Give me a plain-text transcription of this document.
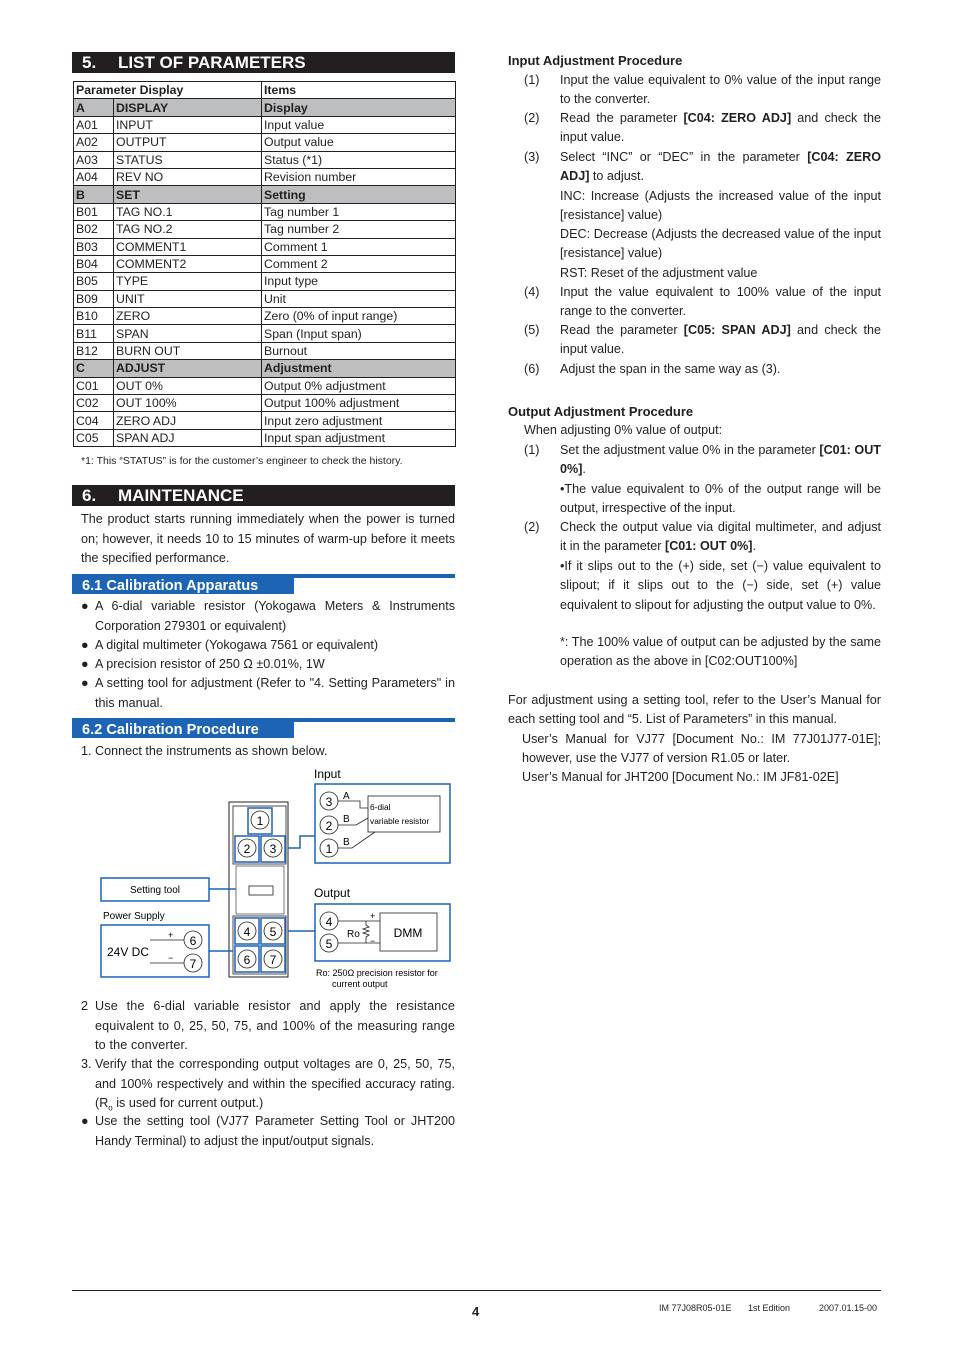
5. LIST OF PARAMETERS
Parameter Display		Items
A	DISPLAY	Display
A01	INPUT	Input value
A02	OUTPUT	Output value
A03	STATUS	Status (*1)
A04	REV NO	Revision number
B	SET	Setting
B01	TAG NO.1	Tag number 1
B02	TAG NO.2	Tag number 2
B03	COMMENT1	Comment 1
B04	COMMENT2	Comment 2
B05	TYPE	Input type
B09	UNIT	Unit
B10	ZERO	Zero (0% of input range)
B11	SPAN	Span (Input span)
B12	BURN OUT	Burnout
C	ADJUST	Adjustment
C01	OUT 0%	Output 0% adjustment
C02	OUT 100%	Output 100% adjustment
C04	ZERO ADJ	Input zero adjustment
C05	SPAN ADJ	Input span adjustment
*1: This “STATUS” is for the customer’s engineer to check the history.
6. MAINTENANCE
The product starts running immediately when the power is turned on; however, it needs 10 to 15 minutes of warm-up before it meets the specified performance.
6.1 Calibration Apparatus
● A 6-dial variable resistor (Yokogawa Meters & Instruments Corporation 279301 or equivalent)
● A digital multimeter (Yokogawa 7561 or equivalent)
● A precision resistor of 250 Ω ±0.01%, 1W
● A setting tool for adjustment (Refer to "4. Setting Parameters" in this manual.
6.2 Calibration Procedure
1. Connect the instruments as shown below.
1
2 3
4 5
6 7
Input
3
2
1
A
B
B
6-dial
variable resistor
Setting tool
Power Supply
24V DC
+
−
6
7
Output
4
5
Ro
+
−
DMM
Ro: 250Ω precision resistor for
current output
2 Use the 6-dial variable resistor and apply the resistance equivalent to 0, 25, 50, 75, and 100% of the measuring range to the converter.
3. Verify that the corresponding output voltages are 0, 25, 50, 75, and 100% respectively and within the specified accuracy rating. ($R_o$ is used for current output.)
● Use the setting tool (VJ77 Parameter Setting Tool or JHT200 Handy Terminal) to adjust the input/output signals.
Input Adjustment Procedure
(1) Input the value equivalent to 0% value of the input range to the converter.
(2) Read the parameter [C04: ZERO ADJ] and check the input value.
(3) Select “INC” or “DEC” in the parameter [C04: ZERO ADJ] to adjust.
INC: Increase (Adjusts the increased value of the input [resistance] value)
DEC: Decrease (Adjusts the decreased value of the input [resistance] value)
RST: Reset of the adjustment value
(4) Input the value equivalent to 100% value of the input range to the converter.
(5) Read the parameter [C05: SPAN ADJ] and check the input value.
(6) Adjust the span in the same way as (3).
Output Adjustment Procedure
When adjusting 0% value of output:
(1) Set the adjustment value 0% in the parameter [C01: OUT 0%].
•The value equivalent to 0% of the output range will be output, irrespective of the input.
(2) Check the output value via digital multimeter, and adjust it in the parameter [C01: OUT 0%].
•If it slips out to the (+) side, set (−) value equivalent to slipout; if it slips out to the (−) side, set (+) value equivalent to slipout for adjusting the output value to 0%.
*: The 100% value of output can be adjusted by the same operation as the above in [C02:OUT100%]
For adjustment using a setting tool, refer to the User’s Manual for each setting tool and “5. List of Parameters” in this manual.
User’s Manual for VJ77 [Document No.: IM 77J01J77-01E]; however, use the VJ77 of version R1.05 or later.
User’s Manual for JHT200 [Document No.: IM JF81-02E]
4	IM 77J08R05-01E 1st Edition	2007.01.15-00
